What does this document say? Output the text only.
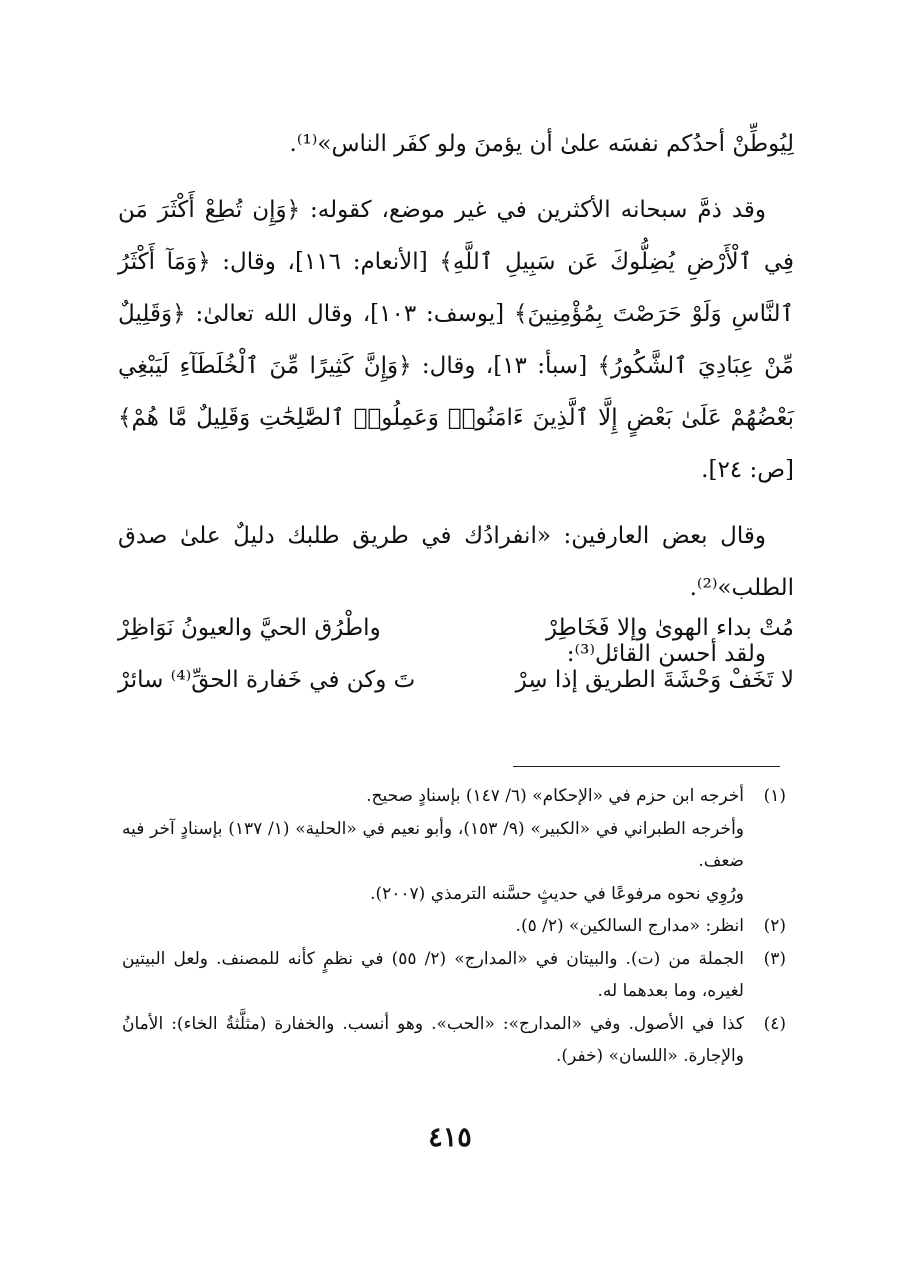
لِيُوطِّنْ أحدُكم نفسَه علىٰ أن يؤمنَ ولو كفَر الناس»⁽¹⁾.

وقد ذمَّ سبحانه الأكثرين في غير موضع، كقوله: ﴿وَإِن تُطِعْ أَكْثَرَ مَن فِي ٱلْأَرْضِ يُضِلُّوكَ عَن سَبِيلِ ٱللَّهِ﴾ [الأنعام: ١١٦]، وقال: ﴿وَمَآ أَكْثَرُ ٱلنَّاسِ وَلَوْ حَرَصْتَ بِمُؤْمِنِينَ﴾ [يوسف: ١٠٣]، وقال الله تعالىٰ: ﴿وَقَلِيلٌ مِّنْ عِبَادِيَ ٱلشَّكُورُ﴾ [سبأ: ١٣]، وقال: ﴿وَإِنَّ كَثِيرًا مِّنَ ٱلْخُلَطَآءِ لَيَبْغِي بَعْضُهُمْ عَلَىٰ بَعْضٍ إِلَّا ٱلَّذِينَ ءَامَنُوا۟ وَعَمِلُوا۟ ٱلصَّٰلِحَٰتِ وَقَلِيلٌ مَّا هُمْ﴾ [ص: ٢٤].

وقال بعض العارفين: «انفرادُك في طريق طلبك دليلٌ علىٰ صدق الطلب»⁽²⁾.

ولقد أحسن القائل⁽³⁾:

مُتْ بداء الهوىٰ وإلا فَخَاطِرْ
واطْرُق الحيَّ والعيونُ نَوَاظِرْ
لا تَخَفْ وَحْشَةَ الطريق إذا سِرْ
تَ وكن في خَفارة الحقِّ⁽⁴⁾ سائرْ
(١)
أخرجه ابن حزم في «الإحكام» (٦/ ١٤٧) بإسنادٍ صحيح.
وأخرجه الطبراني في «الكبير» (٩/ ١٥٣)، وأبو نعيم في «الحلية» (١/ ١٣٧) بإسنادٍ آخر فيه ضعف.
ورُوِي نحوه مرفوعًا في حديثٍ حسَّنه الترمذي (٢٠٠٧).
(٢)
انظر: «مدارج السالكين» (٢/ ٥).
(٣)
الجملة من (ت). والبيتان في «المدارج» (٢/ ٥٥) في نظمٍ كأنه للمصنف. ولعل البيتين لغيره، وما بعدهما له.
(٤)
كذا في الأصول. وفي «المدارج»: «الحب». وهو أنسب. والخفارة (مثلَّثةُ الخاء): الأمانُ والإجارة. «اللسان» (خفر).
٤١٥
